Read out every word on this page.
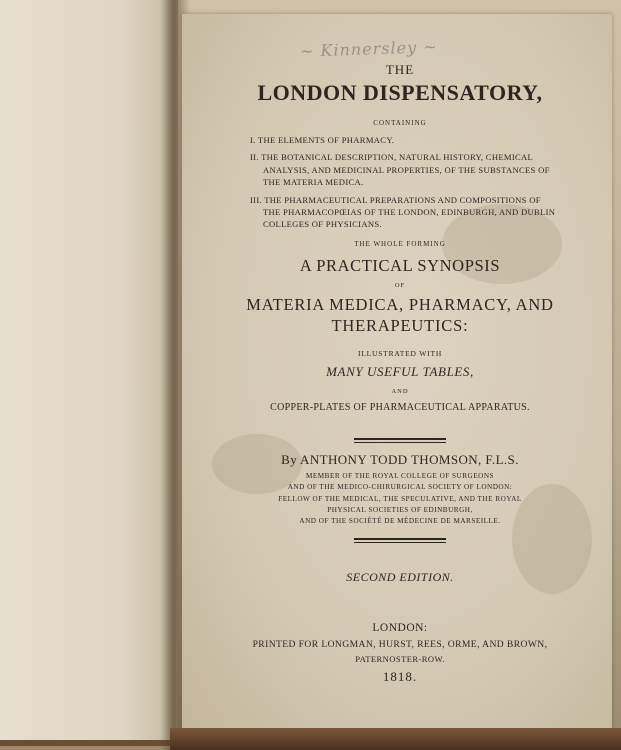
~ Kinnersley ~
THE
LONDON DISPENSATORY,
CONTAINING
I. THE ELEMENTS OF PHARMACY.
II. THE BOTANICAL DESCRIPTION, NATURAL HISTORY, CHEMICAL ANALYSIS, AND MEDICINAL PROPERTIES, OF THE SUBSTANCES OF THE MATERIA MEDICA.
III. THE PHARMACEUTICAL PREPARATIONS AND COMPOSITIONS OF THE PHARMACOPŒIAS OF THE LONDON, EDINBURGH, AND DUBLIN COLLEGES OF PHYSICIANS.
THE WHOLE FORMING
A PRACTICAL SYNOPSIS
OF
MATERIA MEDICA, PHARMACY, AND
THERAPEUTICS:
ILLUSTRATED WITH
MANY USEFUL TABLES,
AND
COPPER-PLATES OF PHARMACEUTICAL APPARATUS.
By ANTHONY TODD THOMSON, F.L.S.
MEMBER OF THE ROYAL COLLEGE OF SURGEONS
AND OF THE MEDICO-CHIRURGICAL SOCIETY OF LONDON:
FELLOW OF THE MEDICAL, THE SPECULATIVE, AND THE ROYAL
PHYSICAL SOCIETIES OF EDINBURGH,
AND OF THE SOCIÉTÉ DE MÉDECINE DE MARSEILLE.
SECOND EDITION.
LONDON:
PRINTED FOR LONGMAN, HURST, REES, ORME, AND BROWN,
PATERNOSTER-ROW.
1818.
